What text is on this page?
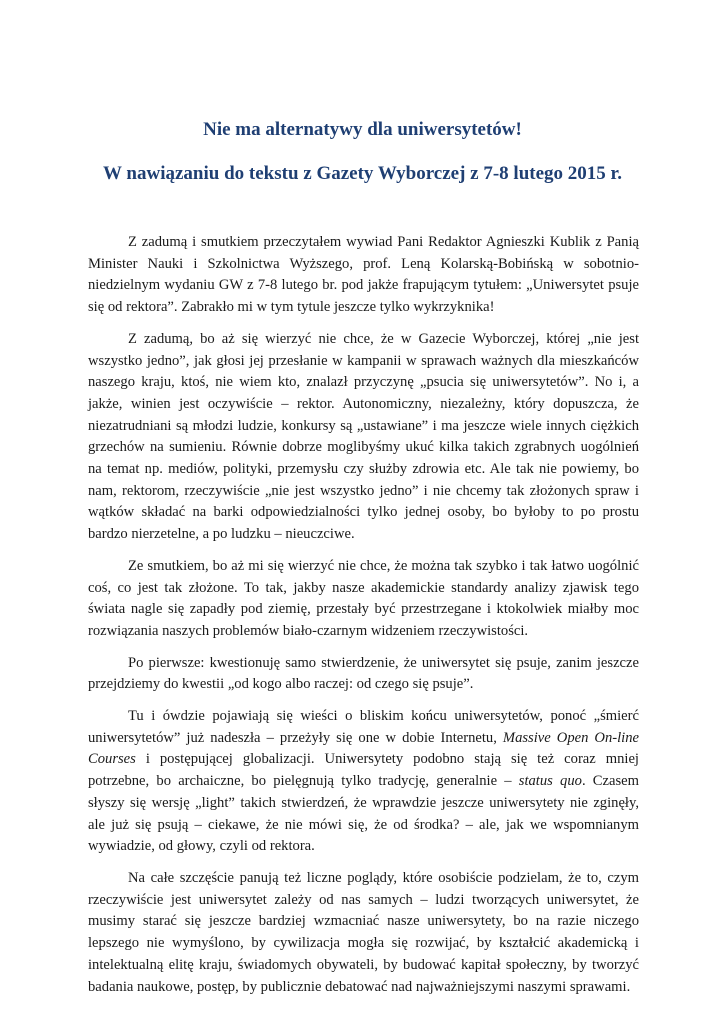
Nie ma alternatywy dla uniwersytetów!
W nawiązaniu do tekstu z Gazety Wyborczej z 7-8 lutego 2015 r.

Z zadumą i smutkiem przeczytałem wywiad Pani Redaktor Agnieszki Kublik z Panią Minister Nauki i Szkolnictwa Wyższego, prof. Leną Kolarską-Bobińską w sobotnio-niedzielnym wydaniu GW z 7-8 lutego br. pod jakże frapującym tytułem: „Uniwersytet psuje się od rektora”. Zabrakło mi w tym tytule jeszcze tylko wykrzyknika!

Z zadumą, bo aż się wierzyć nie chce, że w Gazecie Wyborczej, której „nie jest wszystko jedno”, jak głosi jej przesłanie w kampanii w sprawach ważnych dla mieszkańców naszego kraju, ktoś, nie wiem kto, znalazł przyczynę „psucia się uniwersytetów”. No i, a jakże, winien jest oczywiście – rektor. Autonomiczny, niezależny, który dopuszcza, że niezatrudniani są młodzi ludzie, konkursy są „ustawiane” i ma jeszcze wiele innych ciężkich grzechów na sumieniu. Równie dobrze moglibyśmy ukuć kilka takich zgrabnych uogólnień na temat np. mediów, polityki, przemysłu czy służby zdrowia etc. Ale tak nie powiemy, bo nam, rektorom, rzeczywiście „nie jest wszystko jedno” i nie chcemy tak złożonych spraw i wątków składać na barki odpowiedzialności tylko jednej osoby, bo byłoby to po prostu bardzo nierzetelne, a po ludzku – nieuczciwe.

Ze smutkiem, bo aż mi się wierzyć nie chce, że można tak szybko i tak łatwo uogólnić coś, co jest tak złożone. To tak, jakby nasze akademickie standardy analizy zjawisk tego świata nagle się zapadły pod ziemię, przestały być przestrzegane i ktokolwiek miałby moc rozwiązania naszych problemów biało-czarnym widzeniem rzeczywistości.

Po pierwsze: kwestionuję samo stwierdzenie, że uniwersytet się psuje, zanim jeszcze przejdziemy do kwestii „od kogo albo raczej: od czego się psuje”.

Tu i ówdzie pojawiają się wieści o bliskim końcu uniwersytetów, ponoć „śmierć uniwersytetów” już nadeszła – przeżyły się one w dobie Internetu, Massive Open On-line Courses i postępującej globalizacji. Uniwersytety podobno stają się też coraz mniej potrzebne, bo archaiczne, bo pielęgnują tylko tradycję, generalnie – status quo. Czasem słyszy się wersję „light” takich stwierdzeń, że wprawdzie jeszcze uniwersytety nie zginęły, ale już się psują – ciekawe, że nie mówi się, że od środka? – ale, jak we wspomnianym wywiadzie, od głowy, czyli od rektora.

Na całe szczęście panują też liczne poglądy, które osobiście podzielam, że to, czym rzeczywiście jest uniwersytet zależy od nas samych – ludzi tworzących uniwersytet, że musimy starać się jeszcze bardziej wzmacniać nasze uniwersytety, bo na razie niczego lepszego nie wymyślono, by cywilizacja mogła się rozwijać, by kształcić akademicką i intelektualną elitę kraju, świadomych obywateli, by budować kapitał społeczny, by tworzyć badania naukowe, postęp, by publicznie debatować nad najważniejszymi naszymi sprawami.
